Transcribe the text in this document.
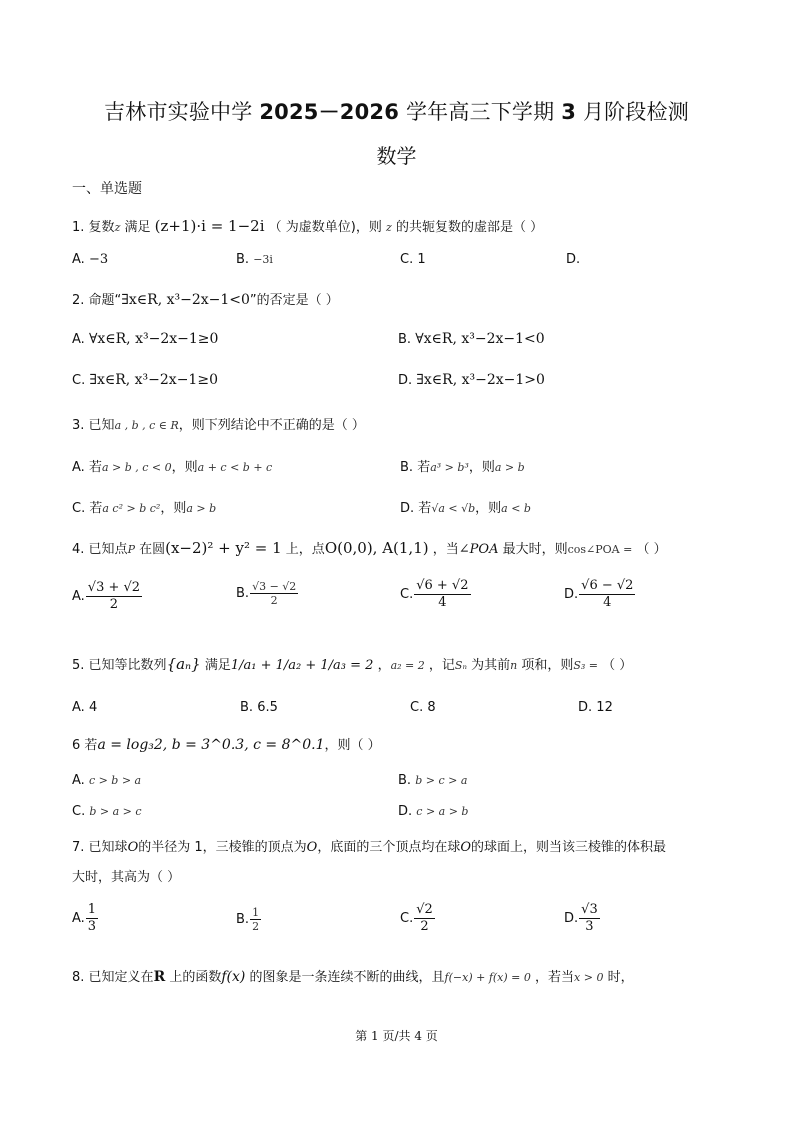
吉林市实验中学 2025－2026 学年高三下学期 3 月阶段检测
数学
一、单选题
1. 复数z 满足 (z+1)·i = 1−2i （ 为虚数单位)，则 z 的共轭复数的虚部是（ ）
A. −3	B. −3i	C. 1	D.
2. 命题“∃x∈R, x³−2x−1<0”的否定是（ ）
A. ∀x∈R, x³−2x−1≥0	B. ∀x∈R, x³−2x−1<0
C. ∃x∈R, x³−2x−1≥0	D. ∃x∈R, x³−2x−1>0
3. 已知a , b , c ∈ R，则下列结论中不正确的是（ ）
A. 若a > b , c < 0，则a + c < b + c	B. 若a³ > b³，则a > b
C. 若a c² > b c²，则a > b	D. 若√a < √b，则a < b
4. 已知点P 在圆(x−2)² + y² = 1 上，点O(0,0), A(1,1) ，当∠POA 最大时，则cos∠POA = （ ）
A. $\frac{√3 + √2}{2}$	B. $\frac{√3 - √2}{2}$	C. $\frac{√6 + √2}{4}$	D. $\frac{√6 - √2}{4}$
5. 已知等比数列{aₙ} 满足1/a₁ + 1/a₂ + 1/a₃ = 2 ，a₂ = 2 ，记Sₙ 为其前n 项和，则S₃ = （ ）
A. 4	B. 6.5	C. 8	D. 12
6 若a = log₃2, b = 3^0.3, c = 8^0.1，则（ ）
A. c > b > a	B. b > c > a
C. b > a > c	D. c > a > b
7. 已知球O的半径为 1，三棱锥的顶点为O，底面的三个顶点均在球O的球面上，则当该三棱锥的体积最
大时，其高为（ ）
A. $\frac{1}{3}$	B. $\frac{1}{2}$	C. $\frac{√2}{2}$	D. $\frac{√3}{3}$
8. 已知定义在R 上的函数f(x) 的图象是一条连续不断的曲线，且f(−x) + f(x) = 0 ，若当x > 0 时，
第 1 页/共 4 页
